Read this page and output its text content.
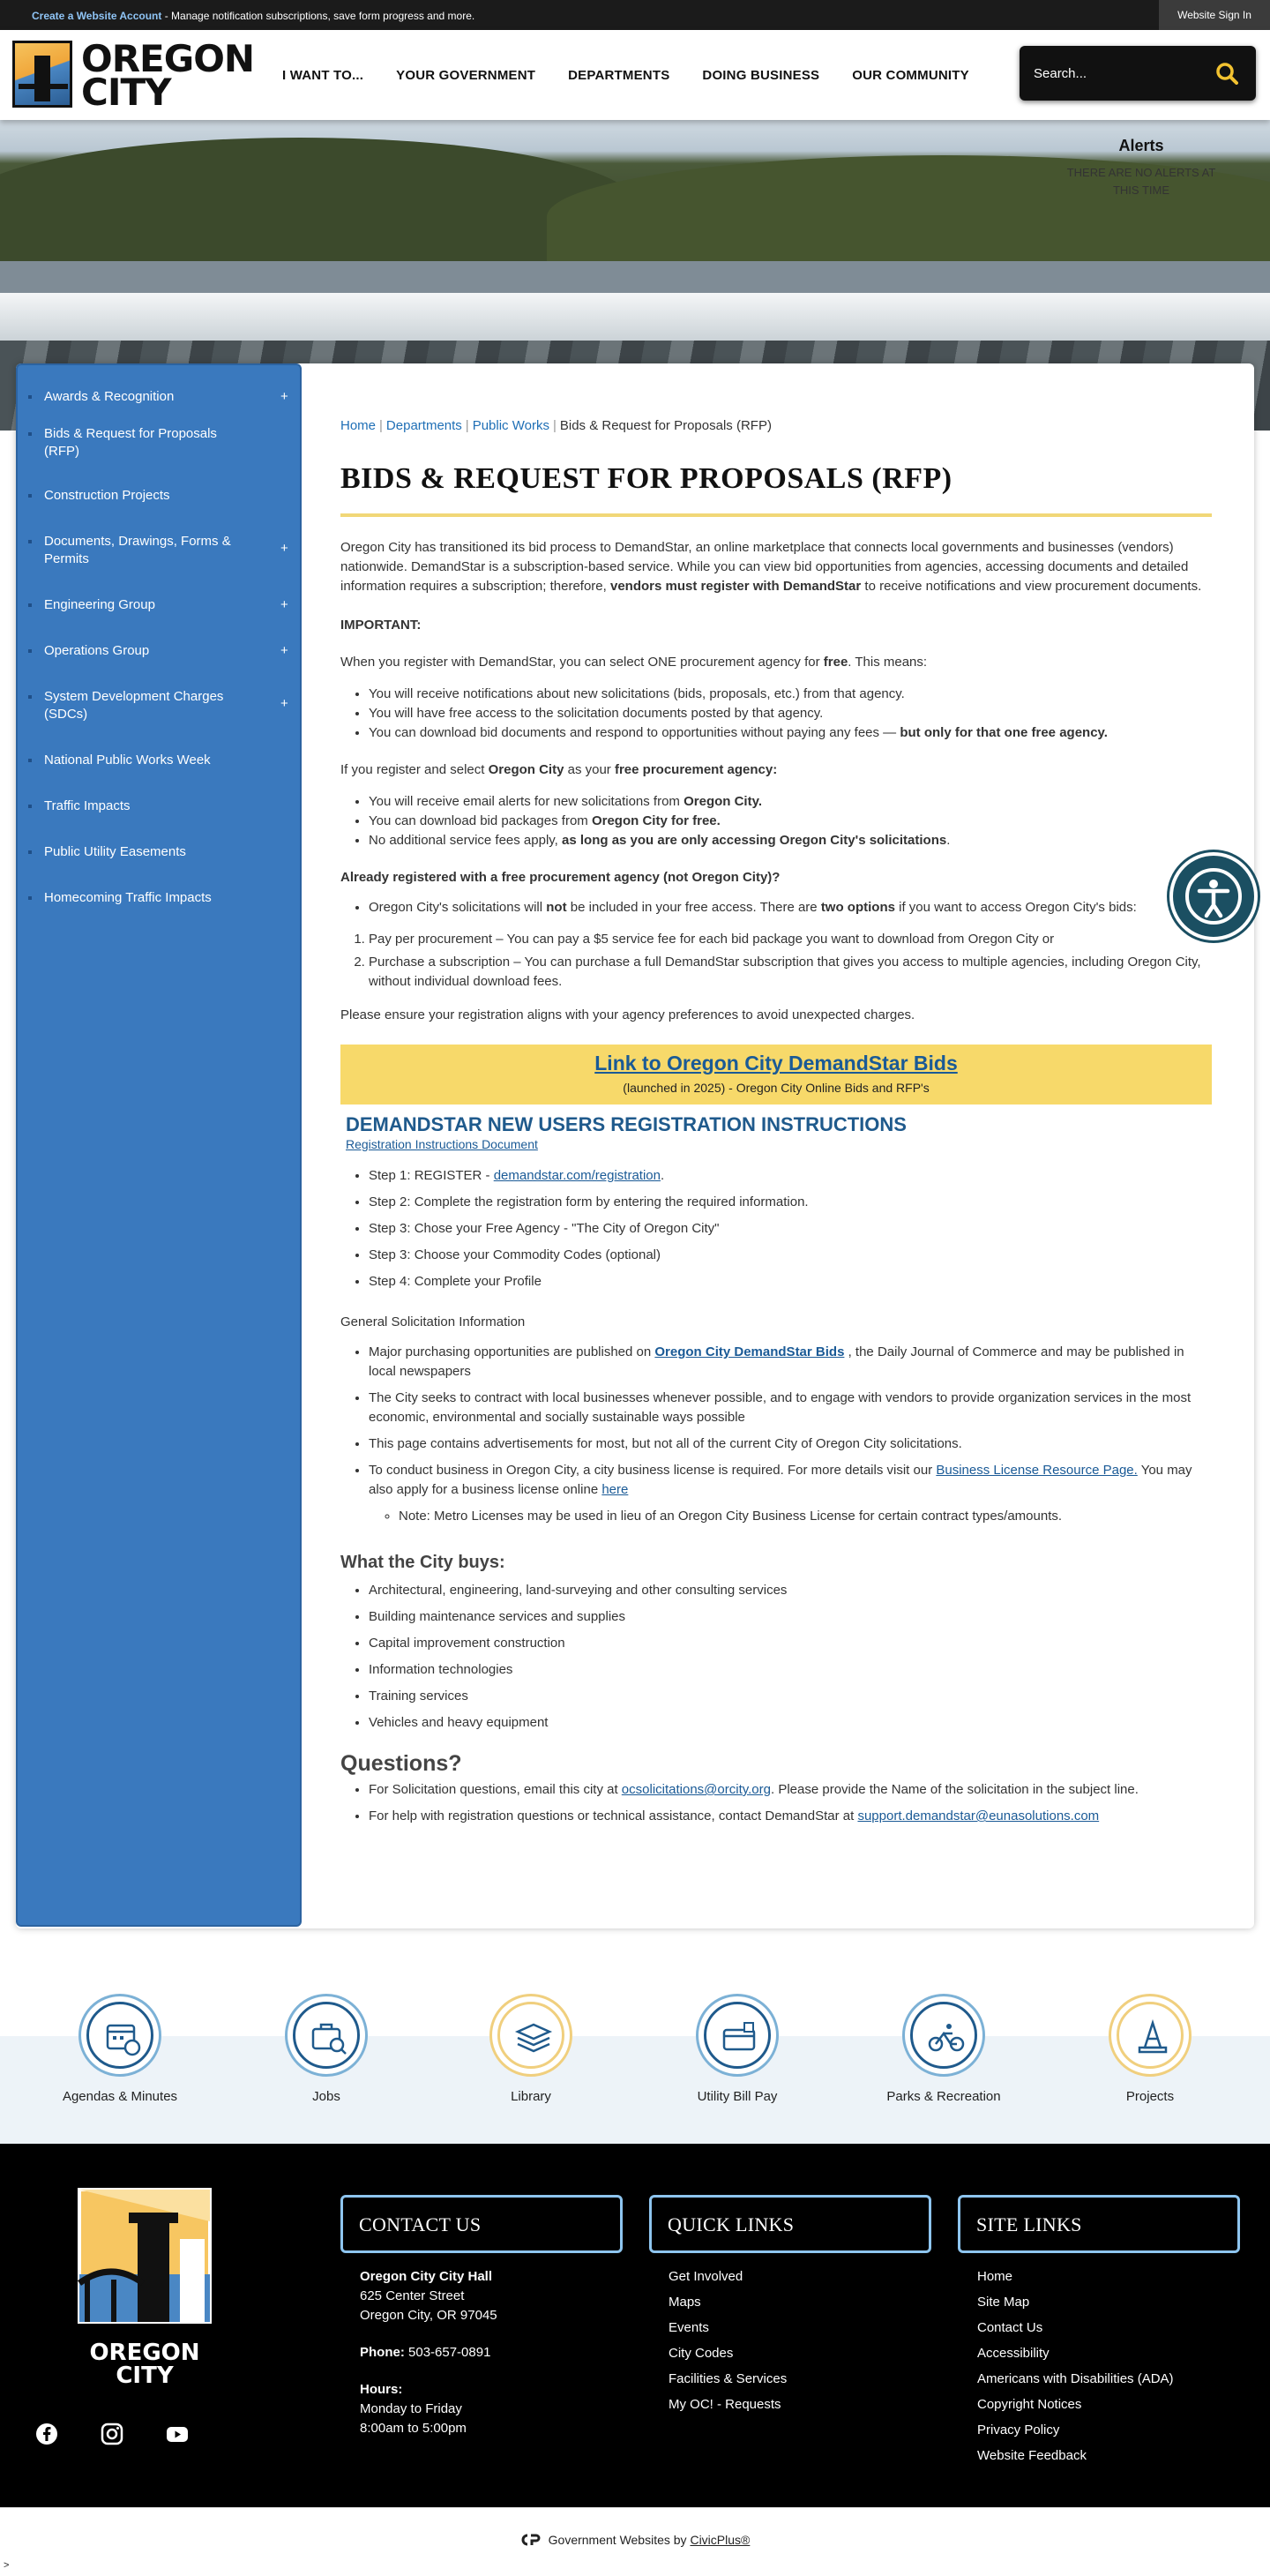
Create a Website Account - Manage notification subscriptions, save form progress and more.	Website Sign In
OREGON CITY	I WANT TO... YOUR GOVERNMENT DEPARTMENTS DOING BUSINESS OUR COMMUNITY
Search...
Alerts
THERE ARE NO ALERTS AT THIS TIME
Awards & Recognition	+
Bids & Request for Proposals (RFP)
Construction Projects
Documents, Drawings, Forms & Permits
+
Engineering Group	+
Operations Group	+
System Development Charges (SDCs)
+
National Public Works Week
Traffic Impacts
Public Utility Easements
Homecoming Traffic Impacts
Home | Departments | Public Works | Bids & Request for Proposals (RFP)
BIDS & REQUEST FOR PROPOSALS (RFP)

Oregon City has transitioned its bid process to DemandStar, an online marketplace that connects local governments and businesses (vendors) nationwide. DemandStar is a subscription-based service. While you can view bid opportunities from agencies, accessing documents and detailed information requires a subscription; therefore, vendors must register with DemandStar to receive notifications and view procurement documents.

IMPORTANT:

When you register with DemandStar, you can select ONE procurement agency for free. This means:

• You will receive notifications about new solicitations (bids, proposals, etc.) from that agency.
• You will have free access to the solicitation documents posted by that agency.
• You can download bid documents and respond to opportunities without paying any fees — but only for that one free agency.

If you register and select Oregon City as your free procurement agency:

• You will receive email alerts for new solicitations from Oregon City.
• You can download bid packages from Oregon City for free.
• No additional service fees apply, as long as you are only accessing Oregon City's solicitations.

Already registered with a free procurement agency (not Oregon City)?

• Oregon City's solicitations will not be included in your free access. There are two options if you want to access Oregon City's bids:
1. Pay per procurement – You can pay a $5 service fee for each bid package you want to download from Oregon City or
2. Purchase a subscription – You can purchase a full DemandStar subscription that gives you access to multiple agencies, including Oregon City, without individual download fees.

Please ensure your registration aligns with your agency preferences to avoid unexpected charges.

Link to Oregon City DemandStar Bids
(launched in 2025) - Oregon City Online Bids and RFP's
DEMANDSTAR NEW USERS REGISTRATION INSTRUCTIONS
Registration Instructions Document
• Step 1: REGISTER - demandstar.com/registration.
• Step 2: Complete the registration form by entering the required information.
• Step 3: Chose your Free Agency - "The City of Oregon City"
• Step 3: Choose your Commodity Codes (optional)
• Step 4: Complete your Profile

General Solicitation Information

• Major purchasing opportunities are published on Oregon City DemandStar Bids , the Daily Journal of Commerce and may be published in local newspapers
• The City seeks to contract with local businesses whenever possible, and to engage with vendors to provide organization services in the most economic, environmental and socially sustainable ways possible
• This page contains advertisements for most, but not all of the current City of Oregon City solicitations.
• To conduct business in Oregon City, a city business license is required. For more details visit our Business License Resource Page. You may also apply for a business license online here
◦ Note: Metro Licenses may be used in lieu of an Oregon City Business License for certain contract types/amounts.
What the City buys:
• Architectural, engineering, land-surveying and other consulting services
• Building maintenance services and supplies
• Capital improvement construction
• Information technologies
• Training services
• Vehicles and heavy equipment
Questions?
• For Solicitation questions, email this city at ocsolicitations@orcity.org. Please provide the Name of the solicitation in the subject line.
• For help with registration questions or technical assistance, contact DemandStar at support.demandstar@eunasolutions.com
Agendas & Minutes	Jobs	Library	Utility Bill Pay	Parks & Recreation	Projects
OREGON CITY
CONTACT US	QUICK LINKS	SITE LINKS
Oregon City City Hall
625 Center Street
Oregon City, OR 97045
Phone: 503-657-0891
Hours:
Monday to Friday
8:00am to 5:00pm
Get Involved
Maps
Events
City Codes
Facilities & Services
My OC! - Requests
Home
Site Map
Contact Us
Accessibility
Americans with Disabilities (ADA)
Copyright Notices
Privacy Policy
Website Feedback
Government Websites by CivicPlus®
>
